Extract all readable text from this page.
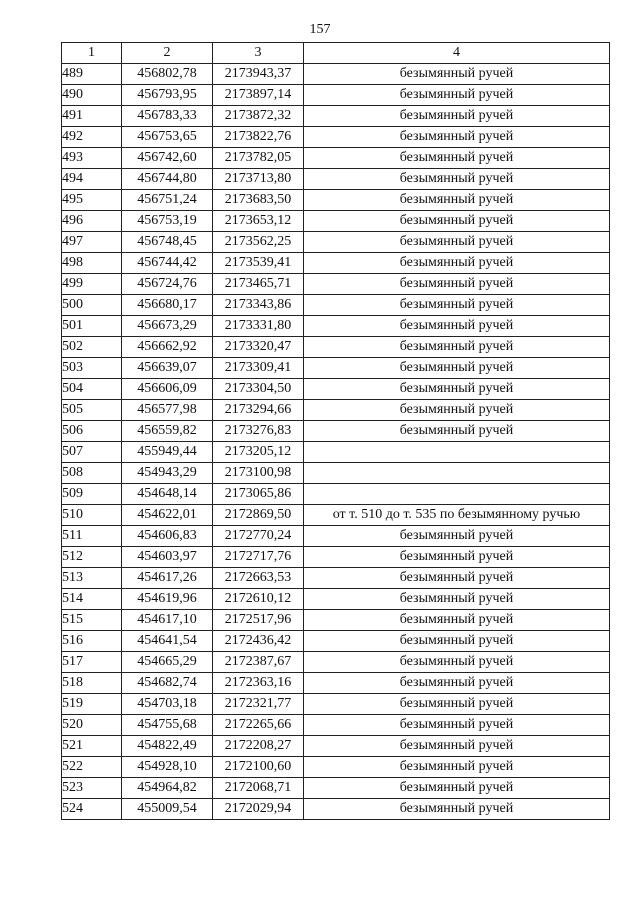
157
1	2	3	4
489	456802,78	2173943,37	безымянный ручей
490	456793,95	2173897,14	безымянный ручей
491	456783,33	2173872,32	безымянный ручей
492	456753,65	2173822,76	безымянный ручей
493	456742,60	2173782,05	безымянный ручей
494	456744,80	2173713,80	безымянный ручей
495	456751,24	2173683,50	безымянный ручей
496	456753,19	2173653,12	безымянный ручей
497	456748,45	2173562,25	безымянный ручей
498	456744,42	2173539,41	безымянный ручей
499	456724,76	2173465,71	безымянный ручей
500	456680,17	2173343,86	безымянный ручей
501	456673,29	2173331,80	безымянный ручей
502	456662,92	2173320,47	безымянный ручей
503	456639,07	2173309,41	безымянный ручей
504	456606,09	2173304,50	безымянный ручей
505	456577,98	2173294,66	безымянный ручей
506	456559,82	2173276,83	безымянный ручей
507	455949,44	2173205,12	
508	454943,29	2173100,98	
509	454648,14	2173065,86	
510	454622,01	2172869,50	от т. 510 до т. 535 по безымянному ручью
511	454606,83	2172770,24	безымянный ручей
512	454603,97	2172717,76	безымянный ручей
513	454617,26	2172663,53	безымянный ручей
514	454619,96	2172610,12	безымянный ручей
515	454617,10	2172517,96	безымянный ручей
516	454641,54	2172436,42	безымянный ручей
517	454665,29	2172387,67	безымянный ручей
518	454682,74	2172363,16	безымянный ручей
519	454703,18	2172321,77	безымянный ручей
520	454755,68	2172265,66	безымянный ручей
521	454822,49	2172208,27	безымянный ручей
522	454928,10	2172100,60	безымянный ручей
523	454964,82	2172068,71	безымянный ручей
524	455009,54	2172029,94	безымянный ручей
